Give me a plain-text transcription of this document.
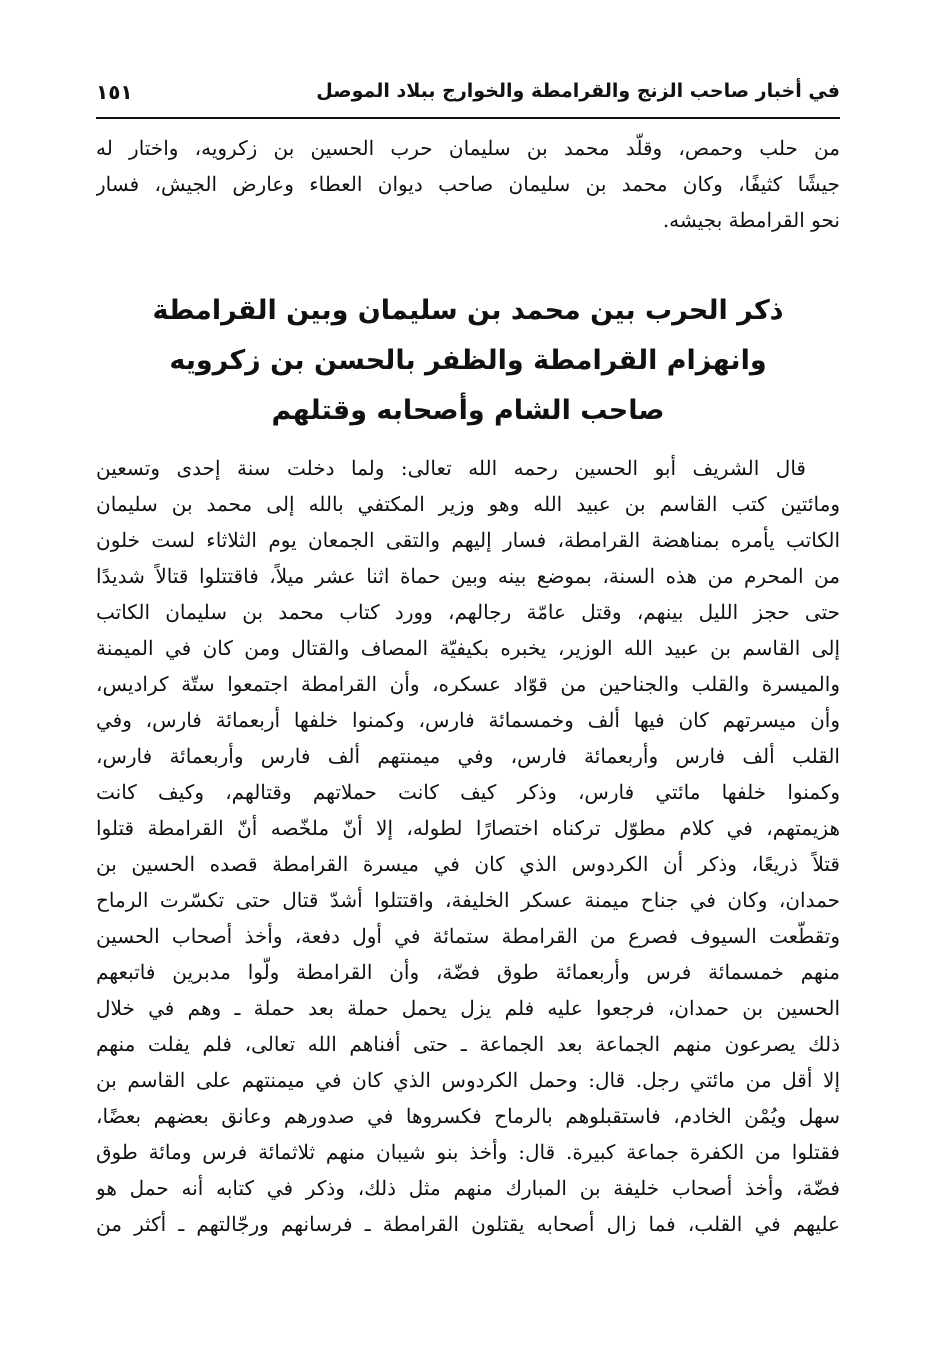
في أخبار صاحب الزنج والقرامطة والخوارج ببلاد الموصل
١٥١
من حلب وحمص، وقلّد محمد بن سليمان حرب الحسين بن زكرويه، واختار له
جيشًا كثيفًا، وكان محمد بن سليمان صاحب ديوان العطاء وعارض الجيش، فسار
نحو القرامطة بجيشه.
ذكر الحرب بين محمد بن سليمان وبين القرامطة
وانهزام القرامطة والظفر بالحسن بن زكرويه
صاحب الشام وأصحابه وقتلهم
قال الشريف أبو الحسين رحمه الله تعالى: ولما دخلت سنة إحدى وتسعين
ومائتين كتب القاسم بن عبيد الله وهو وزير المكتفي بالله إلى محمد بن سليمان
الكاتب يأمره بمناهضة القرامطة، فسار إليهم والتقى الجمعان يوم الثلاثاء لست خلون
من المحرم من هذه السنة، بموضع بينه وبين حماة اثنا عشر ميلاً، فاقتتلوا قتالاً شديدًا
حتى حجز الليل بينهم، وقتل عامّة رجالهم، وورد كتاب محمد بن سليمان الكاتب
إلى القاسم بن عبيد الله الوزير، يخبره بكيفيّة المصاف والقتال ومن كان في الميمنة
والميسرة والقلب والجناحين من قوّاد عسكره، وأن القرامطة اجتمعوا ستّة كراديس،
وأن ميسرتهم كان فيها ألف وخمسمائة فارس، وكمنوا خلفها أربعمائة فارس، وفي
القلب ألف فارس وأربعمائة فارس، وفي ميمنتهم ألف فارس وأربعمائة فارس،
وكمنوا خلفها مائتي فارس، وذكر كيف كانت حملاتهم وقتالهم، وكيف كانت
هزيمتهم، في كلام مطوّل تركناه اختصارًا لطوله، إلا أنّ ملخّصه أنّ القرامطة قتلوا
قتلاً ذريعًا، وذكر أن الكردوس الذي كان في ميسرة القرامطة قصده الحسين بن
حمدان، وكان في جناح ميمنة عسكر الخليفة، واقتتلوا أشدّ قتال حتى تكسّرت الرماح
وتقطّعت السيوف فصرع من القرامطة ستمائة في أول دفعة، وأخذ أصحاب الحسين
منهم خمسمائة فرس وأربعمائة طوق فضّة، وأن القرامطة ولّوا مدبرين فاتبعهم
الحسين بن حمدان، فرجعوا عليه فلم يزل يحمل حملة بعد حملة ـ وهم في خلال
ذلك يصرعون منهم الجماعة بعد الجماعة ـ حتى أفناهم الله تعالى، فلم يفلت منهم
إلا أقل من مائتي رجل. قال: وحمل الكردوس الذي كان في ميمنتهم على القاسم بن
سهل ويُمْن الخادم، فاستقبلوهم بالرماح فكسروها في صدورهم وعانق بعضهم بعضًا،
فقتلوا من الكفرة جماعة كبيرة. قال: وأخذ بنو شيبان منهم ثلاثمائة فرس ومائة طوق
فضّة، وأخذ أصحاب خليفة بن المبارك منهم مثل ذلك، وذكر في كتابه أنه حمل هو
عليهم في القلب، فما زال أصحابه يقتلون القرامطة ـ فرسانهم ورجّالتهم ـ أكثر من
